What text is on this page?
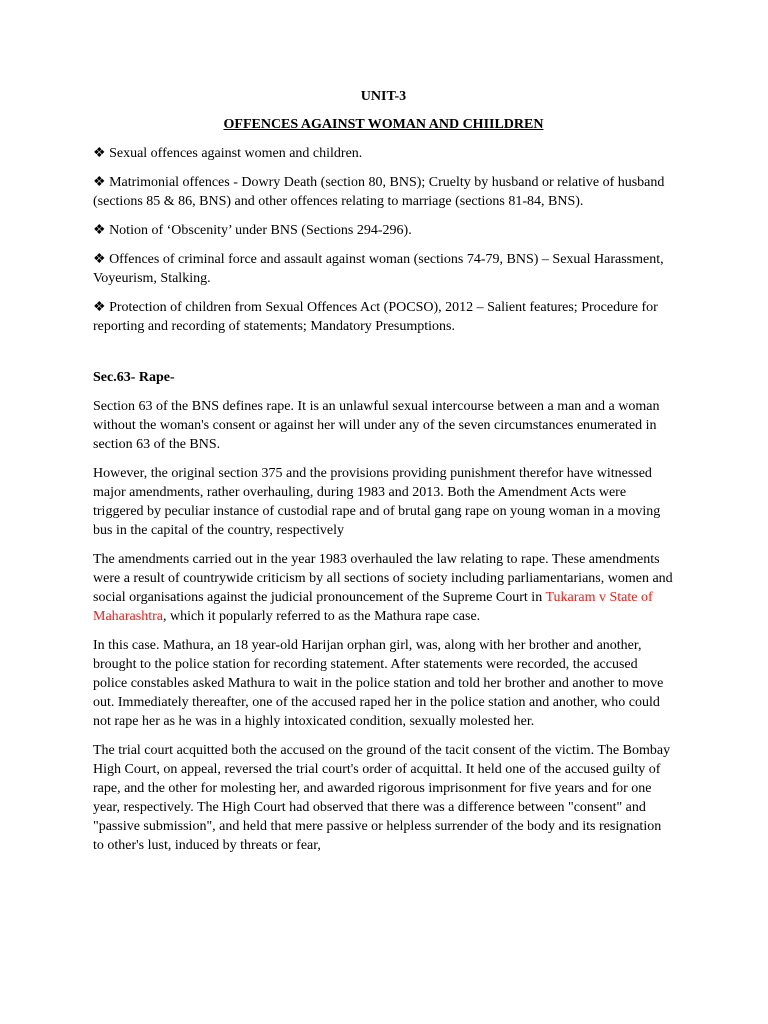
UNIT-3
OFFENCES AGAINST WOMAN AND CHIILDREN
❖ Sexual offences against women and children.
❖ Matrimonial offences - Dowry Death (section 80, BNS); Cruelty by husband or relative of husband (sections 85 & 86, BNS) and other offences relating to marriage (sections 81-84, BNS).
❖ Notion of ‘Obscenity’ under BNS (Sections 294-296).
❖ Offences of criminal force and assault against woman (sections 74-79, BNS) – Sexual Harassment, Voyeurism, Stalking.
❖ Protection of children from Sexual Offences Act (POCSO), 2012 – Salient features; Procedure for reporting and recording of statements; Mandatory Presumptions.
Sec.63- Rape-

Section 63 of the BNS defines rape. It is an unlawful sexual intercourse between a man and a woman without the woman's consent or against her will under any of the seven circumstances enumerated in section 63 of the BNS.

However, the original section 375 and the provisions providing punishment therefor have witnessed major amendments, rather overhauling, during 1983 and 2013. Both the Amendment Acts were triggered by peculiar instance of custodial rape and of brutal gang rape on young woman in a moving bus in the capital of the country, respectively

The amendments carried out in the year 1983 overhauled the law relating to rape. These amendments were a result of countrywide criticism by all sections of society including parliamentarians, women and social organisations against the judicial pronouncement of the Supreme Court in Tukaram v State of Maharashtra, which it popularly referred to as the Mathura rape case.

In this case. Mathura, an 18 year-old Harijan orphan girl, was, along with her brother and another, brought to the police station for recording statement. After statements were recorded, the accused police constables asked Mathura to wait in the police station and told her brother and another to move out. Immediately thereafter, one of the accused raped her in the police station and another, who could not rape her as he was in a highly intoxicated condition, sexually molested her.

The trial court acquitted both the accused on the ground of the tacit consent of the victim. The Bombay High Court, on appeal, reversed the trial court's order of acquittal. It held one of the accused guilty of rape, and the other for molesting her, and awarded rigorous imprisonment for five years and for one year, respectively. The High Court had observed that there was a difference between "consent" and "passive submission", and held that mere passive or helpless surrender of the body and its resignation to other's lust, induced by threats or fear,
